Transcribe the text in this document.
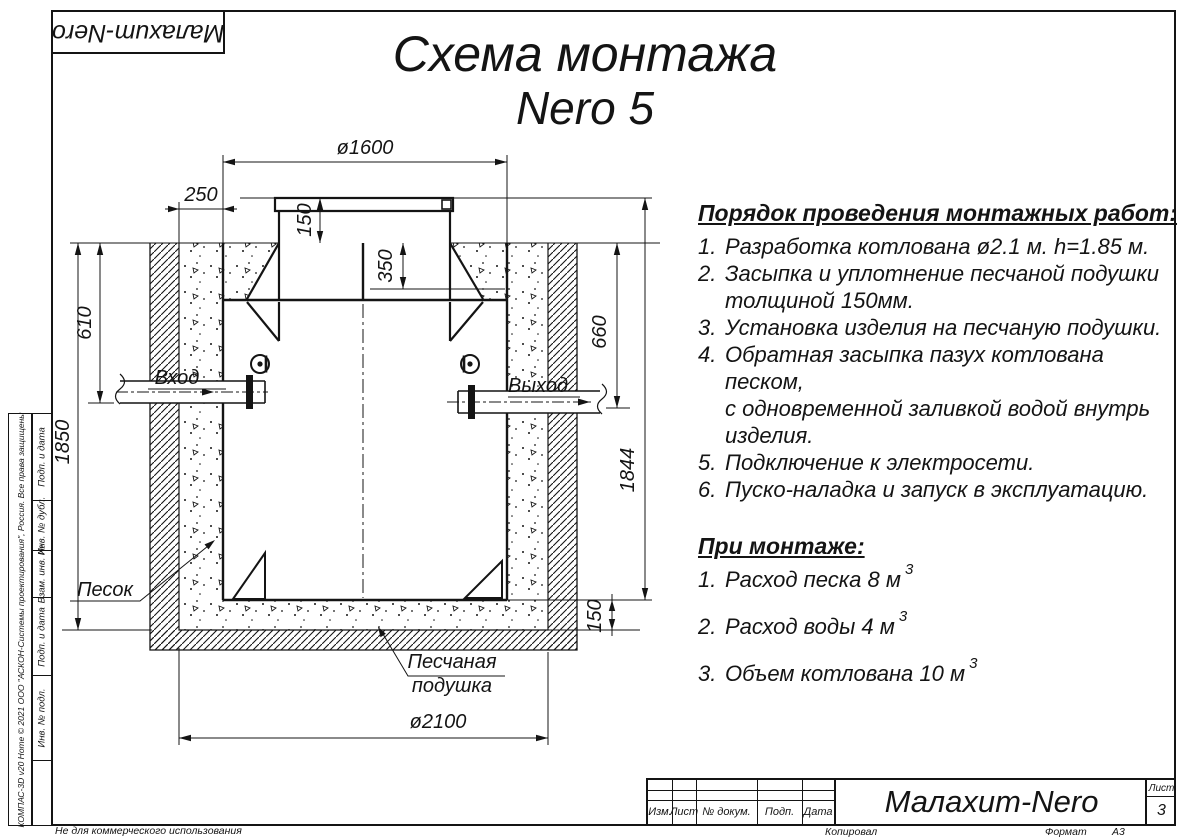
ø1600
250
150
350
610
1850
660
1844
150
ø2100
Вход	Выход
Песок
Песчаная
подушка
Малахит-Nero	Схема монтажа
Nero 5
Порядок проведения монтажных работ:
1. Разработка котлована ø2.1 м. h=1.85 м.
2. Засыпка и уплотнение песчаной подушки
толщиной 150мм.
3. Установка изделия на песчаную подушки.
4. Обратная засыпка пазух котлована песком,
с одновременной заливкой водой внутрь
изделия.
5. Подключение к электросети.
6. Пуско-наладка и запуск в эксплуатацию.
При монтаже:
1. Расход песка 8 м $^3$
2. Расход воды 4 м $^3$
3. Объем котлована 10 м $^3$
КОМПАС-3D v20 Home © 2021 ООО "АСКОН-Системы проектирования", Россия. Все права защищены Подп. и дата
Инв. № дубл.
Взам. инв. №
Подп. и дата
Инв. № подл.
Изм.
Лист № докум. Подп. Дата Малахит-Nero	Лист
3
Не для коммерческого использования	Копировал	Формат А3
